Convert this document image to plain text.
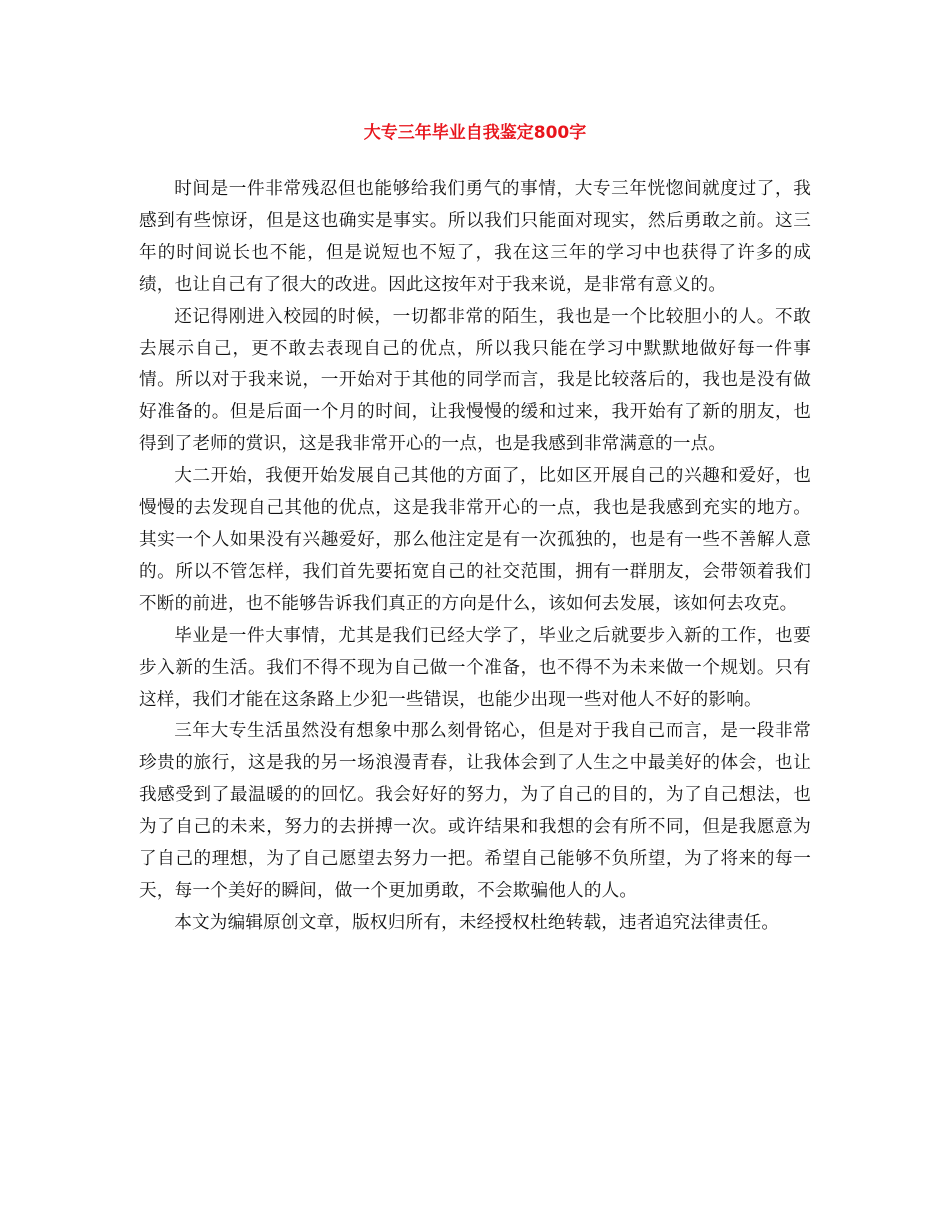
大专三年毕业自我鉴定800字

时间是一件非常残忍但也能够给我们勇气的事情，大专三年恍惚间就度过了，我感到有些惊讶，但是这也确实是事实。所以我们只能面对现实，然后勇敢之前。这三年的时间说长也不能，但是说短也不短了，我在这三年的学习中也获得了许多的成绩，也让自己有了很大的改进。因此这按年对于我来说，是非常有意义的。

还记得刚进入校园的时候，一切都非常的陌生，我也是一个比较胆小的人。不敢去展示自己，更不敢去表现自己的优点，所以我只能在学习中默默地做好每一件事情。所以对于我来说，一开始对于其他的同学而言，我是比较落后的，我也是没有做好准备的。但是后面一个月的时间，让我慢慢的缓和过来，我开始有了新的朋友，也得到了老师的赏识，这是我非常开心的一点，也是我感到非常满意的一点。

大二开始，我便开始发展自己其他的方面了，比如区开展自己的兴趣和爱好，也慢慢的去发现自己其他的优点，这是我非常开心的一点，我也是我感到充实的地方。其实一个人如果没有兴趣爱好，那么他注定是有一次孤独的，也是有一些不善解人意的。所以不管怎样，我们首先要拓宽自己的社交范围，拥有一群朋友，会带领着我们不断的前进，也不能够告诉我们真正的方向是什么，该如何去发展，该如何去攻克。

毕业是一件大事情，尤其是我们已经大学了，毕业之后就要步入新的工作，也要步入新的生活。我们不得不现为自己做一个准备，也不得不为未来做一个规划。只有这样，我们才能在这条路上少犯一些错误，也能少出现一些对他人不好的影响。

三年大专生活虽然没有想象中那么刻骨铭心，但是对于我自己而言，是一段非常珍贵的旅行，这是我的另一场浪漫青春，让我体会到了人生之中最美好的体会，也让我感受到了最温暖的的回忆。我会好好的努力，为了自己的目的，为了自己想法，也为了自己的未来，努力的去拼搏一次。或许结果和我想的会有所不同，但是我愿意为了自己的理想，为了自己愿望去努力一把。希望自己能够不负所望，为了将来的每一天，每一个美好的瞬间，做一个更加勇敢，不会欺骗他人的人。

本文为编辑原创文章，版权归所有，未经授权杜绝转载，违者追究法律责任。
